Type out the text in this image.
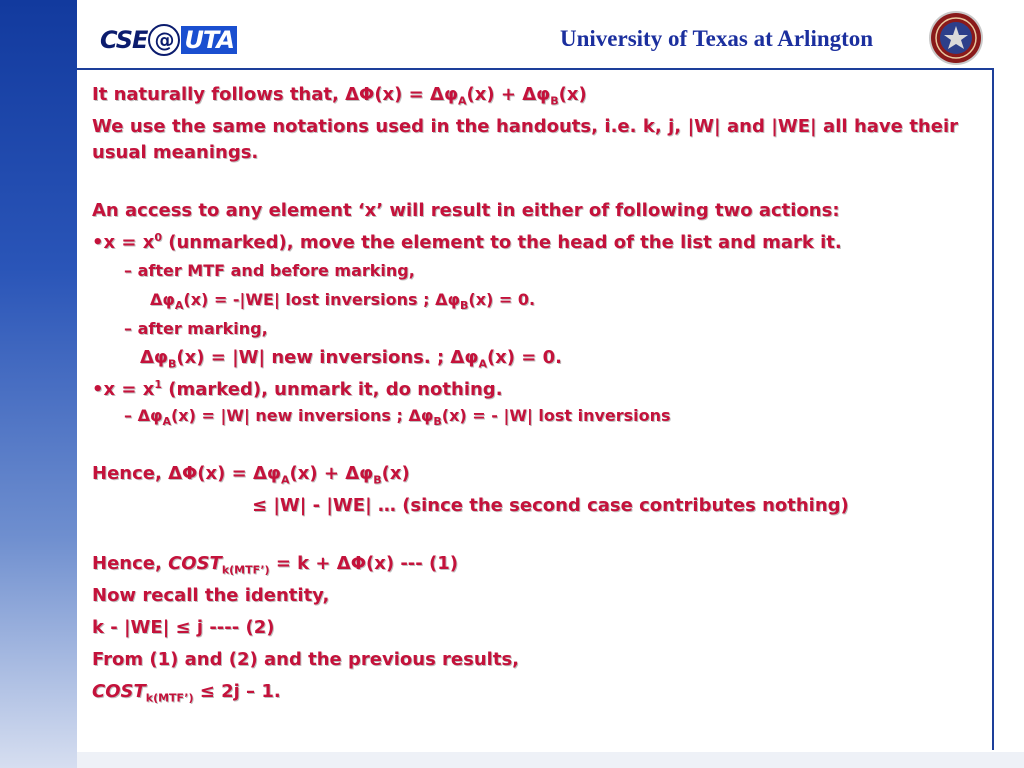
CSE @ UTA	University of Texas at Arlington
It naturally follows that, $\Delta\Phi(x) = \Delta\varphi_A(x) + \Delta\varphi_B(x)$
We use the same notations used in the handouts, i.e. k, j, |W| and |WE| all have their usual meanings.
An access to any element ‘x’ will result in either of following two actions:
•x = $x^0$ (unmarked), move the element to the head of the list and mark it.
– after MTF and before marking,
$\Delta\varphi_A(x) = -|WE|$ lost inversions ; $\Delta\varphi_B(x) = 0$.
– after marking,
$\Delta\varphi_B(x) = |W|$ new inversions. ; $\Delta\varphi_A(x) = 0$.
•x = $x^1$ (marked), unmark it, do nothing.
– $\Delta\varphi_A(x) = |W|$ new inversions ; $\Delta\varphi_B(x)$ = - |W| lost inversions
Hence, $\Delta\Phi(x) = \Delta\varphi_A(x) + \Delta\varphi_B(x)$
≤ |W| - |WE| … (since the second case contributes nothing)
Hence, $COST_{k(MTF’)} = k + \Delta\Phi(x)$ --- (1)
Now recall the identity,
k - |WE| ≤ j ---- (2)
From (1) and (2) and the previous results,
$COST_{k(MTF’)} \le 2j - 1$.
